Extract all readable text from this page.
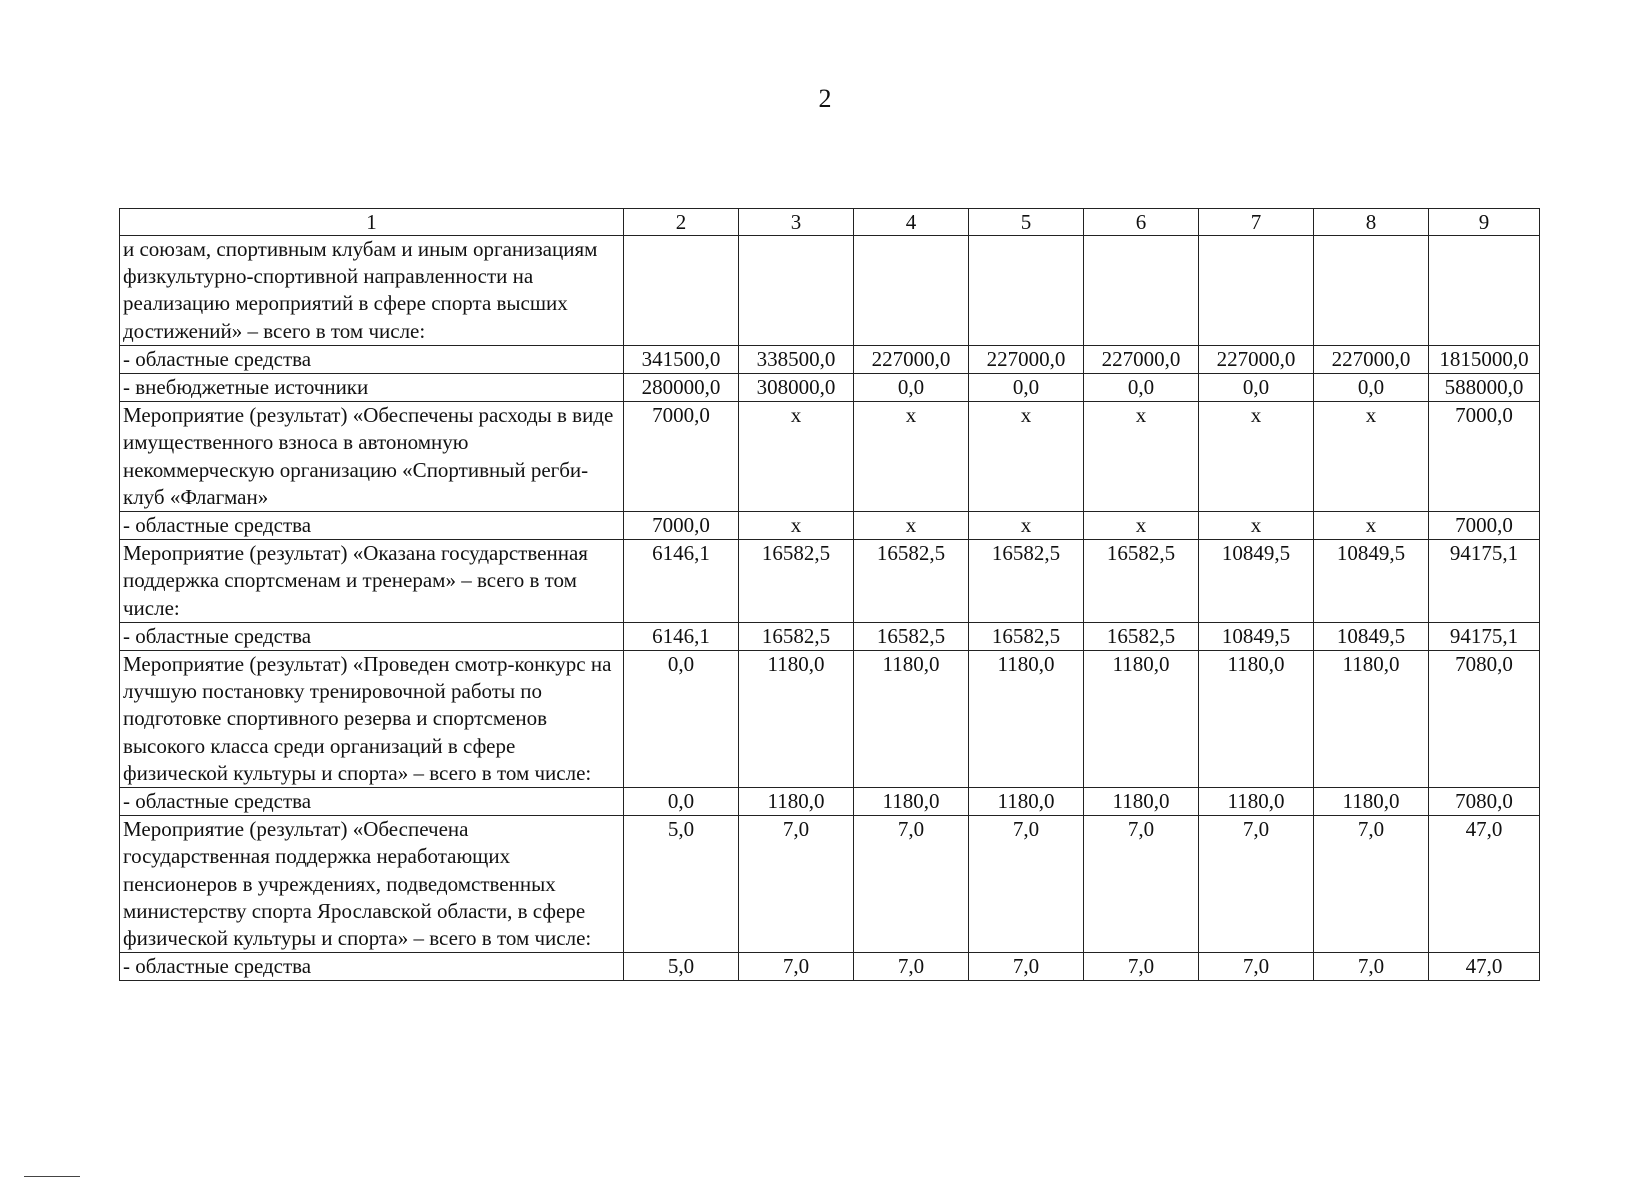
2
1	2	3	4	5	6	7	8	9
и союзам, спортивным клубам и иным организациям физкультурно-спортивной направленности на реализацию мероприятий в сфере спорта высших достижений» – всего в том числе:								
- областные средства	341500,0	338500,0	227000,0	227000,0	227000,0	227000,0	227000,0	1815000,0
- внебюджетные источники	280000,0	308000,0	0,0	0,0	0,0	0,0	0,0	588000,0
Мероприятие (результат) «Обеспечены расходы в виде имущественного взноса в автономную некоммерческую организацию «Спортивный регби-клуб «Флагман»	7000,0	x	x	x	x	x	x	7000,0
- областные средства	7000,0	x	x	x	x	x	x	7000,0
Мероприятие (результат) «Оказана государственная поддержка спортсменам и тренерам» – всего в том числе:	6146,1	16582,5	16582,5	16582,5	16582,5	10849,5	10849,5	94175,1
- областные средства	6146,1	16582,5	16582,5	16582,5	16582,5	10849,5	10849,5	94175,1
Мероприятие (результат) «Проведен смотр-конкурс на лучшую постановку тренировочной работы по подготовке спортивного резерва и спортсменов высокого класса среди организаций в сфере физической культуры и спорта» – всего в том числе:	0,0	1180,0	1180,0	1180,0	1180,0	1180,0	1180,0	7080,0
- областные средства	0,0	1180,0	1180,0	1180,0	1180,0	1180,0	1180,0	7080,0
Мероприятие (результат) «Обеспечена государственная поддержка неработающих пенсионеров в учреждениях, подведомственных министерству спорта Ярославской области, в сфере физической культуры и спорта» – всего в том числе:	5,0	7,0	7,0	7,0	7,0	7,0	7,0	47,0
- областные средства	5,0	7,0	7,0	7,0	7,0	7,0	7,0	47,0
